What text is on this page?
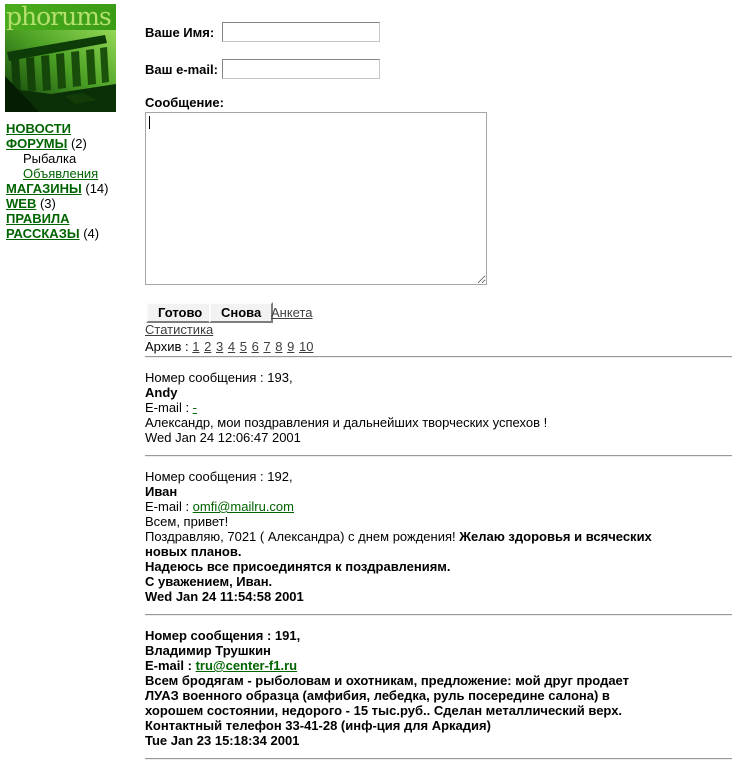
phorums
НОВОСТИ
ФОРУМЫ (2)
Рыбалка
Объявления
МАГАЗИНЫ (14)
WEB (3)
ПРАВИЛА
РАССКАЗЫ (4)
Ваше Имя:
Ваш e-mail:
Сообщение:
Готово	Снова Анкета
Статистика
Архив : 1 2 3 4 5 6 7 8 9 10
Номер сообщения : 193,
Andy
E-mail : -
Александр, мои поздравления и дальнейших творческих успехов !
Wed Jan 24 12:06:47 2001
Номер сообщения : 192,
Иван
E-mail : omfi@mailru.com
Всем, привет!
Поздравляю, 7021 ( Александра) с днем рождения! Желаю здоровья и всяческих
новых планов.
Надеюсь все присоединятся к поздравлениям.
С уважением, Иван.
Wed Jan 24 11:54:58 2001
Номер сообщения : 191,
Владимир Трушкин
E-mail : tru@center-f1.ru
Всем бродягам - рыболовам и охотникам, предложение: мой друг продает
ЛУАЗ военного образца (амфибия, лебедка, руль посередине салона) в
хорошем состоянии, недорого - 15 тыс.руб.. Сделан металлический верх.
Контактный телефон 33-41-28 (инф-ция для Аркадия)
Tue Jan 23 15:18:34 2001
